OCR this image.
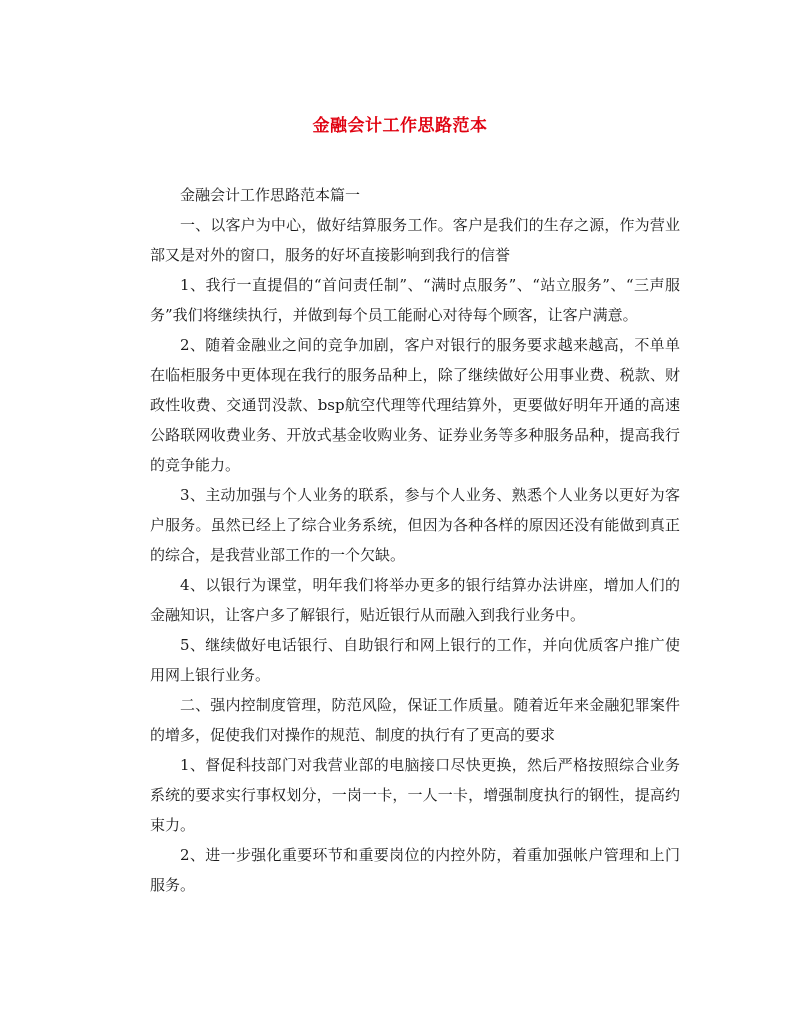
金融会计工作思路范本

金融会计工作思路范本篇一

一、以客户为中心，做好结算服务工作。客户是我们的生存之源，作为营业部又是对外的窗口，服务的好坏直接影响到我行的信誉

1、我行一直提倡的“首问责任制”、“满时点服务”、“站立服务”、“三声服务”我们将继续执行，并做到每个员工能耐心对待每个顾客，让客户满意。

2、随着金融业之间的竞争加剧，客户对银行的服务要求越来越高，不单单在临柜服务中更体现在我行的服务品种上，除了继续做好公用事业费、税款、财政性收费、交通罚没款、bsp航空代理等代理结算外，更要做好明年开通的高速公路联网收费业务、开放式基金收购业务、证券业务等多种服务品种，提高我行的竞争能力。

3、主动加强与个人业务的联系，参与个人业务、熟悉个人业务以更好为客户服务。虽然已经上了综合业务系统，但因为各种各样的原因还没有能做到真正的综合，是我营业部工作的一个欠缺。

4、以银行为课堂，明年我们将举办更多的银行结算办法讲座，增加人们的金融知识，让客户多了解银行，贴近银行从而融入到我行业务中。

5、继续做好电话银行、自助银行和网上银行的工作，并向优质客户推广使用网上银行业务。

二、强内控制度管理，防范风险，保证工作质量。随着近年来金融犯罪案件的增多，促使我们对操作的规范、制度的执行有了更高的要求

1、督促科技部门对我营业部的电脑接口尽快更换，然后严格按照综合业务系统的要求实行事权划分，一岗一卡，一人一卡，增强制度执行的钢性，提高约束力。

2、进一步强化重要环节和重要岗位的内控外防，着重加强帐户管理和上门服务。
